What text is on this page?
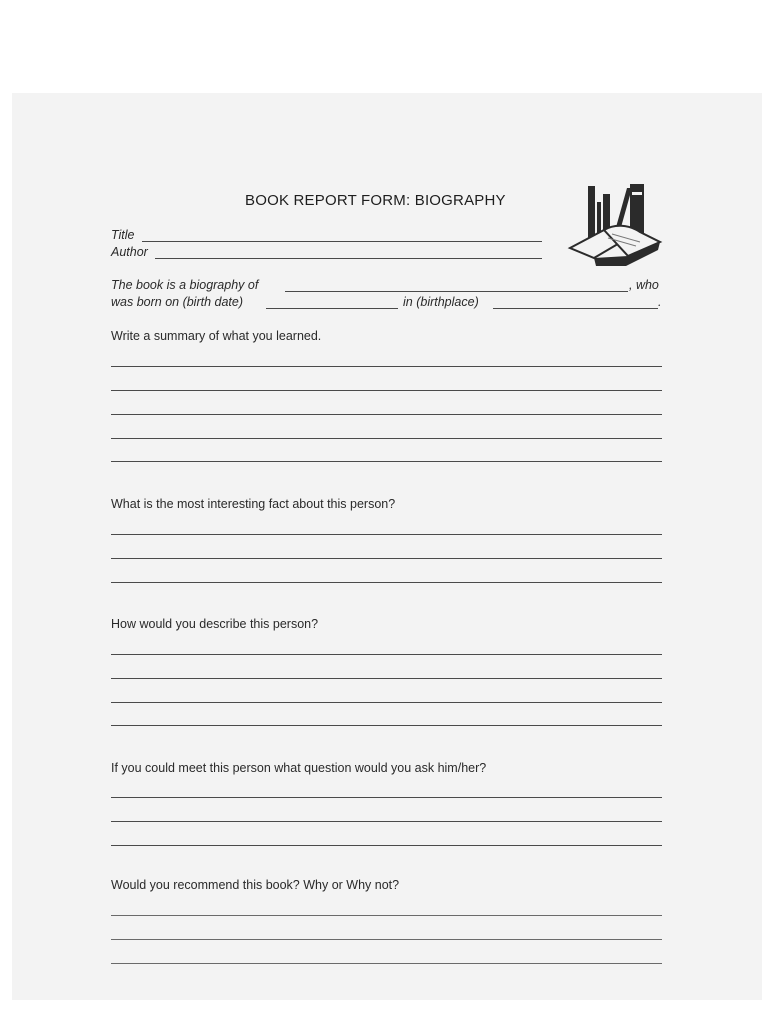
BOOK REPORT FORM: BIOGRAPHY
Title
Author
The book is a biography of	, who
was born on (birth date)	in (birthplace)	.
Write a summary of what you learned.
What is the most interesting fact about this person?
How would you describe this person?
If you could meet this person what question would you ask him/her?
Would you recommend this book? Why or Why not?
